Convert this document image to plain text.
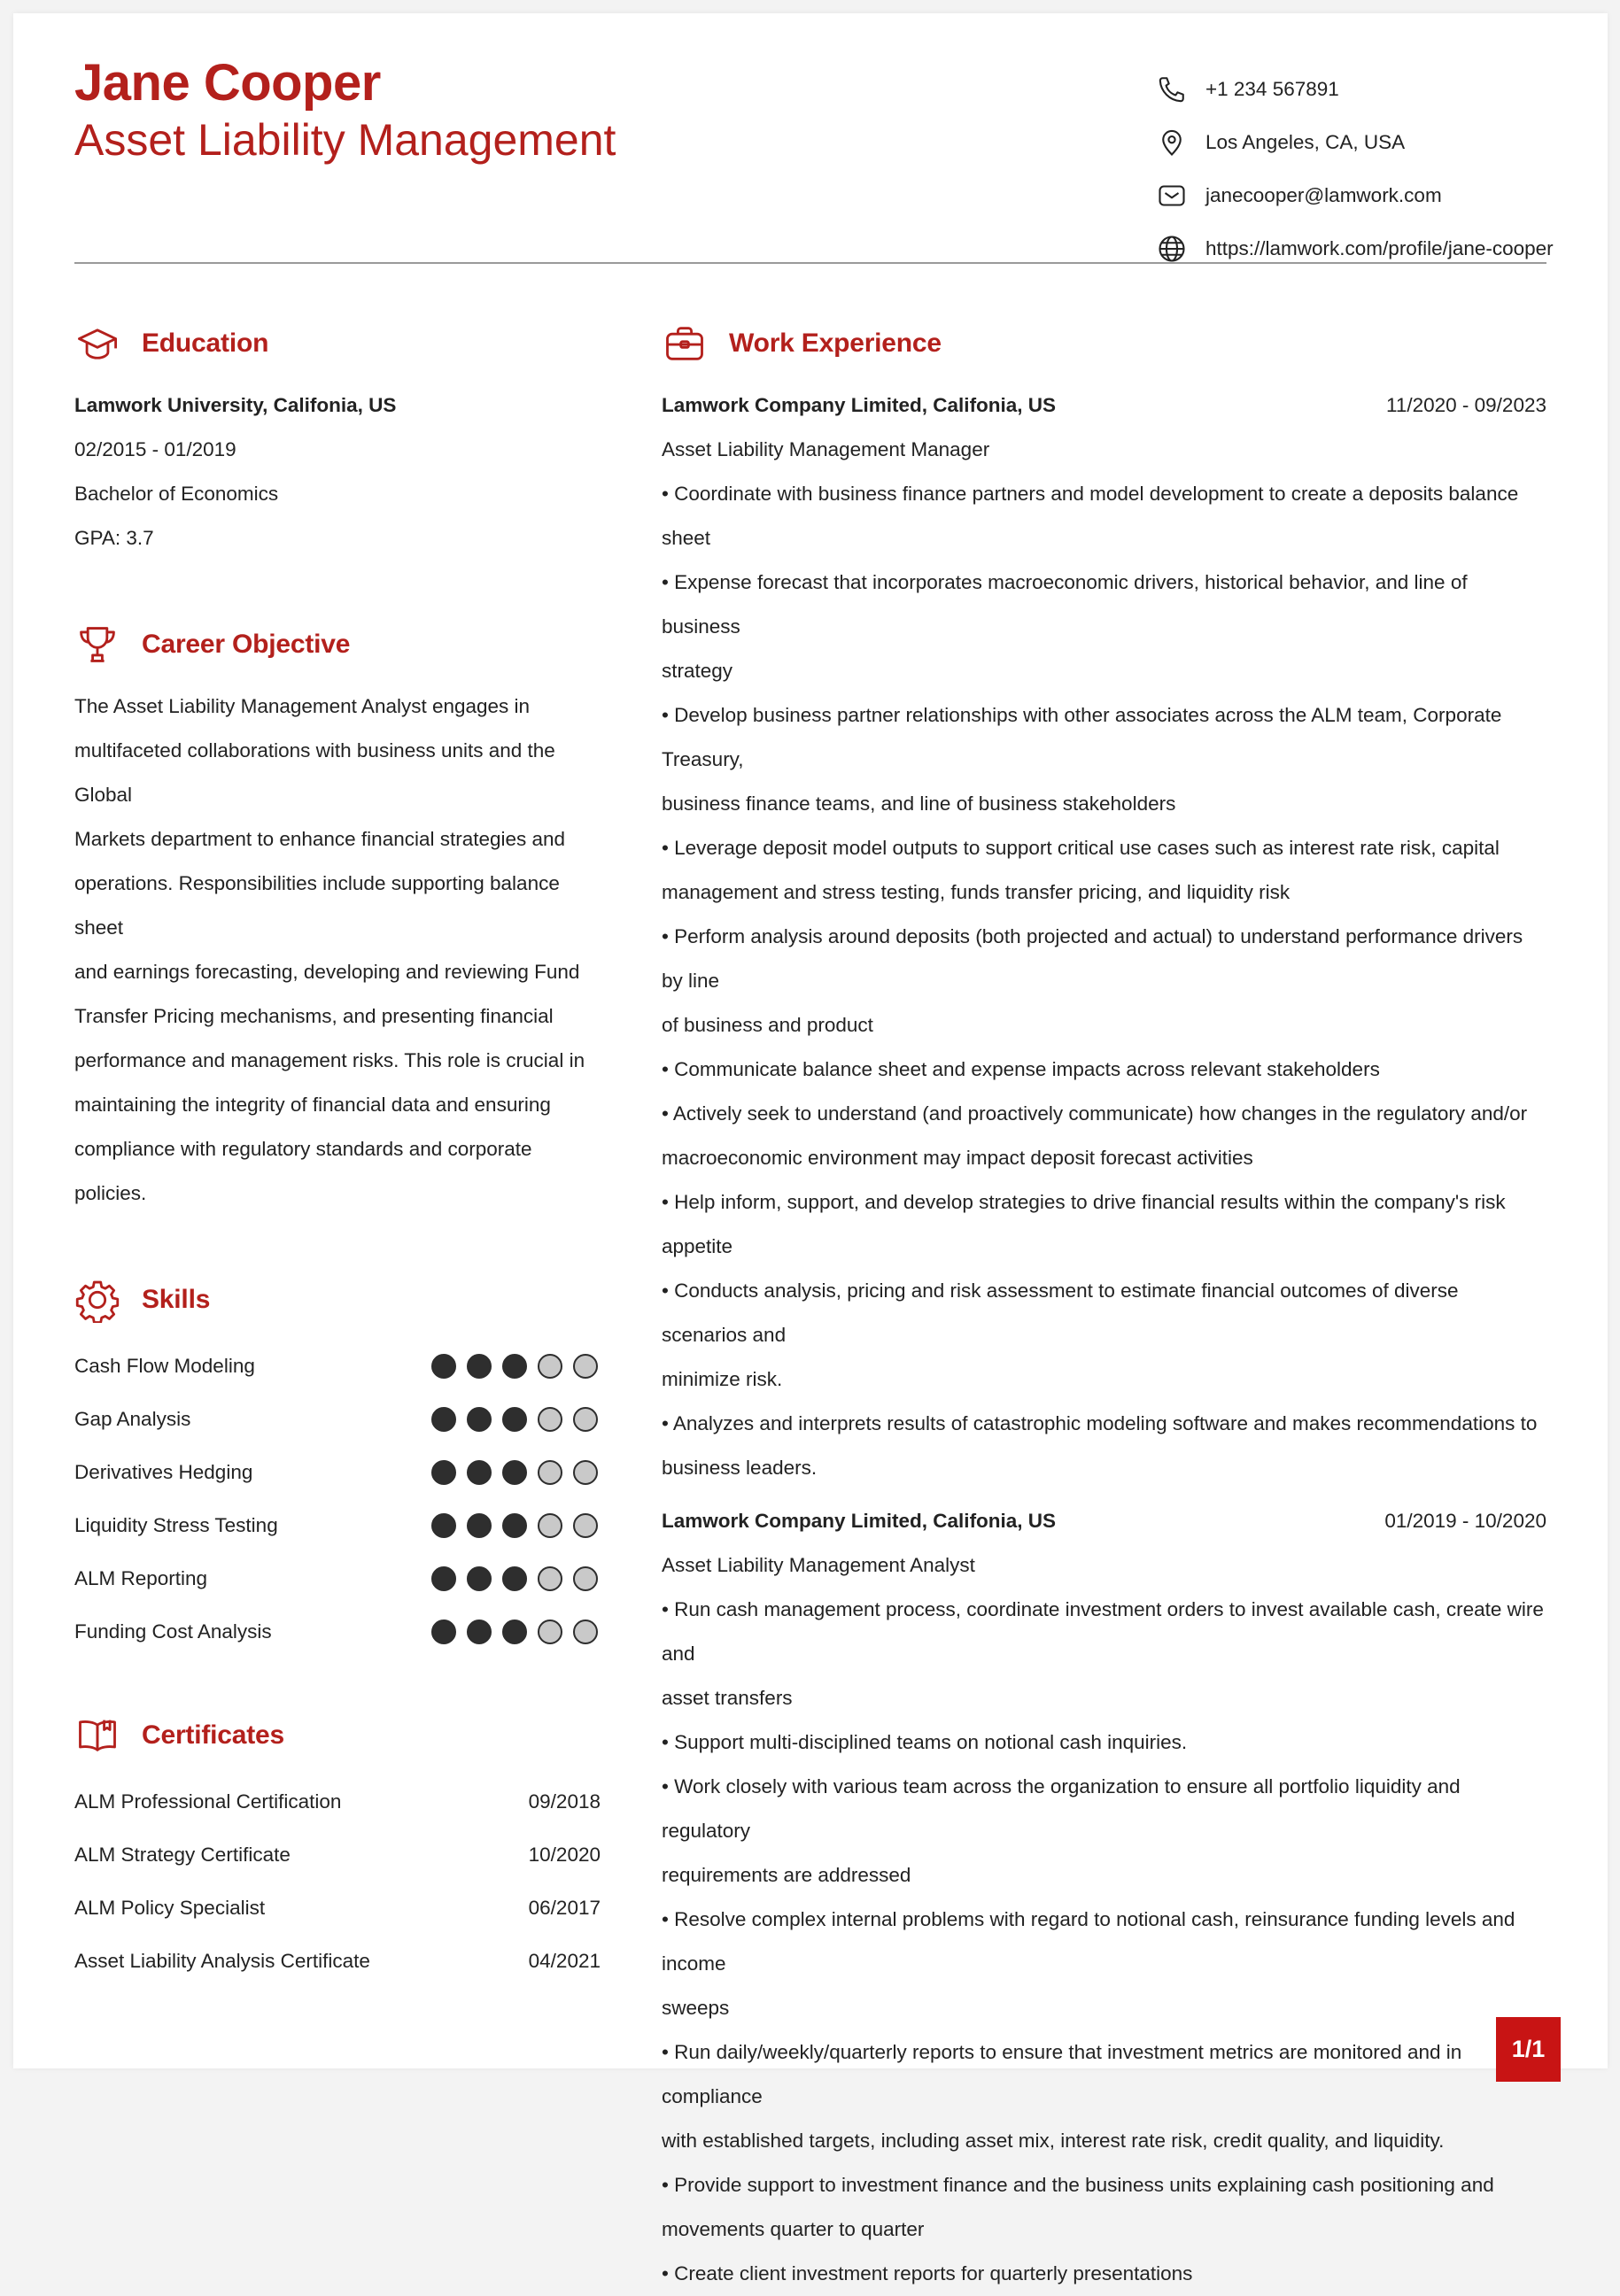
Jane Cooper
Asset Liability Management
+1 234 567891
Los Angeles, CA, USA
janecooper@lamwork.com
https://lamwork.com/profile/jane-cooper
Education
Lamwork University, Califonia, US
02/2015 - 01/2019
Bachelor of Economics
GPA: 3.7
Career Objective
The Asset Liability Management Analyst engages in
multifaceted collaborations with business units and the Global
Markets department to enhance financial strategies and
operations. Responsibilities include supporting balance sheet
and earnings forecasting, developing and reviewing Fund
Transfer Pricing mechanisms, and presenting financial
performance and management risks. This role is crucial in
maintaining the integrity of financial data and ensuring
compliance with regulatory standards and corporate policies.
Skills
Cash Flow Modeling
Gap Analysis
Derivatives Hedging
Liquidity Stress Testing
ALM Reporting
Funding Cost Analysis
Certificates
ALM Professional Certification	09/2018
ALM Strategy Certificate	10/2020
ALM Policy Specialist	06/2017
Asset Liability Analysis Certificate	04/2021
Work Experience
Lamwork Company Limited, Califonia, US	11/2020 - 09/2023
Asset Liability Management Manager
• Coordinate with business finance partners and model development to create a deposits balance sheet
• Expense forecast that incorporates macroeconomic drivers, historical behavior, and line of business
strategy
• Develop business partner relationships with other associates across the ALM team, Corporate Treasury,
business finance teams, and line of business stakeholders
• Leverage deposit model outputs to support critical use cases such as interest rate risk, capital
management and stress testing, funds transfer pricing, and liquidity risk
• Perform analysis around deposits (both projected and actual) to understand performance drivers by line
of business and product
• Communicate balance sheet and expense impacts across relevant stakeholders
• Actively seek to understand (and proactively communicate) how changes in the regulatory and/or
macroeconomic environment may impact deposit forecast activities
• Help inform, support, and develop strategies to drive financial results within the company's risk appetite
• Conducts analysis, pricing and risk assessment to estimate financial outcomes of diverse scenarios and
minimize risk.
• Analyzes and interprets results of catastrophic modeling software and makes recommendations to
business leaders.
Lamwork Company Limited, Califonia, US	01/2019 - 10/2020
Asset Liability Management Analyst
• Run cash management process, coordinate investment orders to invest available cash, create wire and
asset transfers
• Support multi-disciplined teams on notional cash inquiries.
• Work closely with various team across the organization to ensure all portfolio liquidity and regulatory
requirements are addressed
• Resolve complex internal problems with regard to notional cash, reinsurance funding levels and income
sweeps
• Run daily/weekly/quarterly reports to ensure that investment metrics are monitored and in compliance
with established targets, including asset mix, interest rate risk, credit quality, and liquidity.
• Provide support to investment finance and the business units explaining cash positioning and
movements quarter to quarter
• Create client investment reports for quarterly presentations
1/1
